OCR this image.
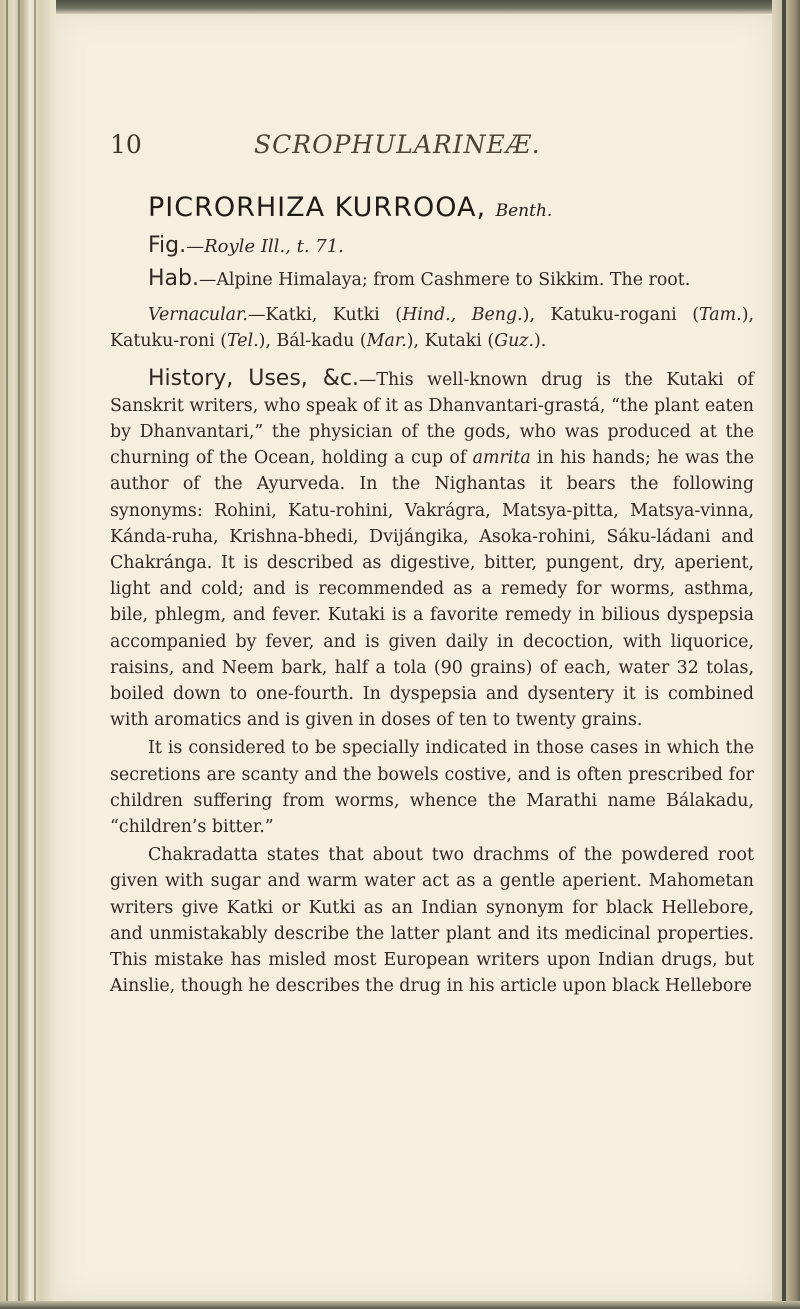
10	SCROPHULARINEÆ.
PICRORHIZA KURROOA, Benth.
Fig.—Royle Ill., t. 71.

Hab.—Alpine Himalaya; from Cashmere to Sikkim. The root.

Vernacular.—Katki, Kutki (Hind., Beng.), Katuku-rogani (Tam.), Katuku-roni (Tel.), Bál-kadu (Mar.), Kutaki (Guz.).

History, Uses, &c.—This well-known drug is the Kutaki of Sanskrit writers, who speak of it as Dhanvantari-grastá, “the plant eaten by Dhanvantari,” the physician of the gods, who was produced at the churning of the Ocean, holding a cup of amrita in his hands; he was the author of the Ayurveda. In the Nighantas it bears the following synonyms: Rohini, Katu-rohini, Vakrágra, Matsya-pitta, Matsya-vinna, Kánda-ruha, Krishna-bhedi, Dvijángika, Asoka-rohini, Sáku-ládani and Chakránga. It is described as digestive, bitter, pungent, dry, aperient, light and cold; and is recommended as a remedy for worms, asthma, bile, phlegm, and fever. Kutaki is a favorite remedy in bilious dyspepsia accompanied by fever, and is given daily in decoction, with liquorice, raisins, and Neem bark, half a tola (90 grains) of each, water 32 tolas, boiled down to one-fourth. In dyspepsia and dysentery it is combined with aromatics and is given in doses of ten to twenty grains.

It is considered to be specially indicated in those cases in which the secretions are scanty and the bowels costive, and is often prescribed for children suffering from worms, whence the Marathi name Bálakadu, “children’s bitter.”

Chakradatta states that about two drachms of the powdered root given with sugar and warm water act as a gentle aperient. Mahometan writers give Katki or Kutki as an Indian synonym for black Hellebore, and unmistakably describe the latter plant and its medicinal properties. This mistake has misled most European writers upon Indian drugs, but Ainslie, though he describes the drug in his article upon black Hellebore
